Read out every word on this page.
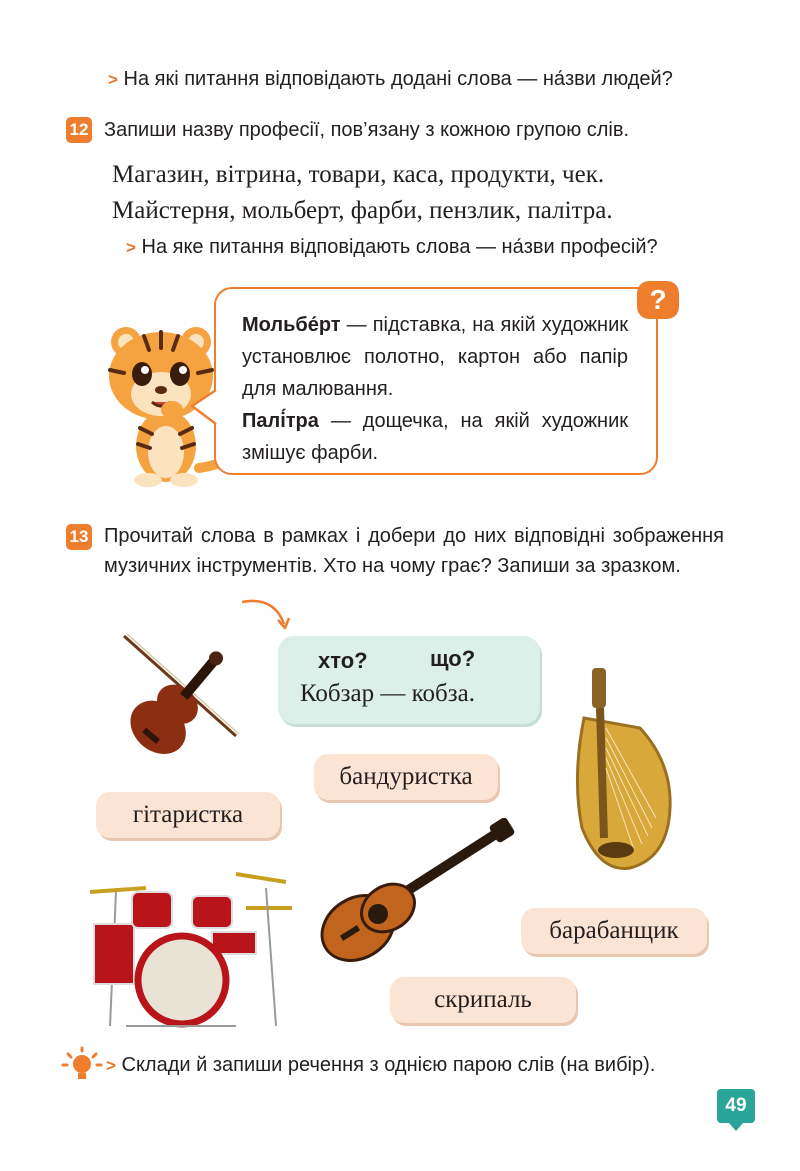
> На які питання відповідають додані слова — на́зви людей?
12 Запиши назву професії, пов’язану з кожною групою слів.
Магазин, вітрина, товари, каса, продукти, чек.
Майстерня, мольберт, фарби, пензлик, палітра.
> На яке питання відповідають слова — на́зви професій?
Мольбе́рт — підставка, на якій художник установлює полотно, картон або папір для малювання.
Палі́тра — дощечка, на якій художник змішує фарби.
?
13 Прочитай слова в рамках і добери до них відповідні зображення музичних інструментів. Хто на чому грає? Запиши за зразком.
хто?	що?
Кобзар — кобза.
бандуристка
гітаристка
барабанщик
скрипаль
> Склади й запиши речення з однією парою слів (на вибір).
49
